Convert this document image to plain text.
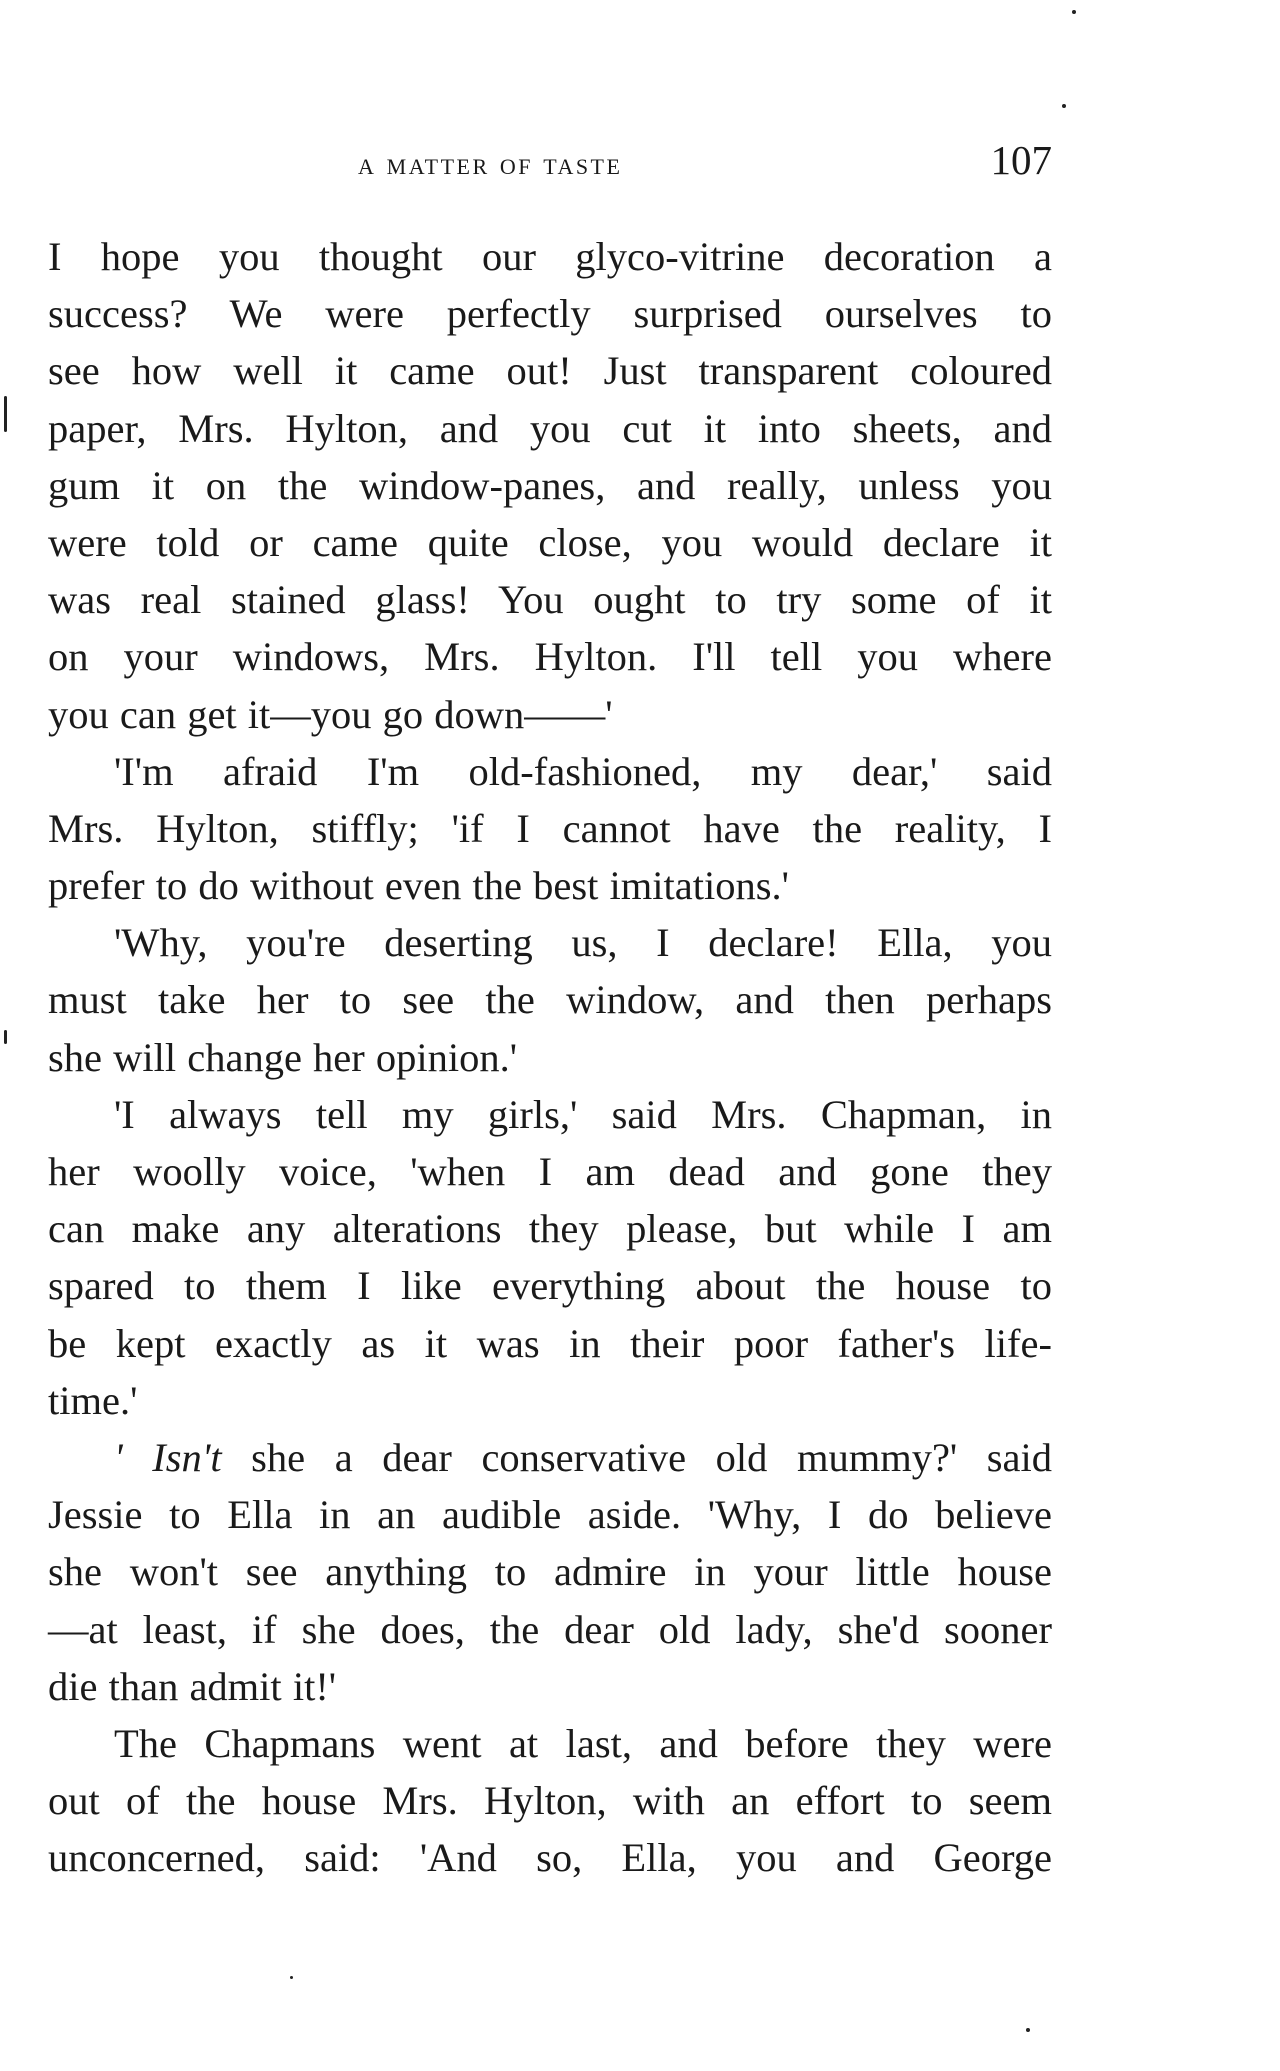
a matter of taste	107
I hope you thought our glyco-vitrine decoration a
success? We were perfectly surprised ourselves to
see how well it came out! Just transparent coloured
paper, Mrs. Hylton, and you cut it into sheets, and
gum it on the window-panes, and really, unless you
were told or came quite close, you would declare it
was real stained glass! You ought to try some of it
on your windows, Mrs. Hylton. I'll tell you where
you can get it—you go down——'
'I'm afraid I'm old-fashioned, my dear,' said
Mrs. Hylton, stiffly; 'if I cannot have the reality, I
prefer to do without even the best imitations.'
'Why, you're deserting us, I declare! Ella, you
must take her to see the window, and then perhaps
she will change her opinion.'
'I always tell my girls,' said Mrs. Chapman, in
her woolly voice, 'when I am dead and gone they
can make any alterations they please, but while I am
spared to them I like everything about the house to
be kept exactly as it was in their poor father's life-
time.'
' Isn't she a dear conservative old mummy?' said
Jessie to Ella in an audible aside. 'Why, I do believe
she won't see anything to admire in your little house
—at least, if she does, the dear old lady, she'd sooner
die than admit it!'
The Chapmans went at last, and before they were
out of the house Mrs. Hylton, with an effort to seem
unconcerned, said: 'And so, Ella, you and George
